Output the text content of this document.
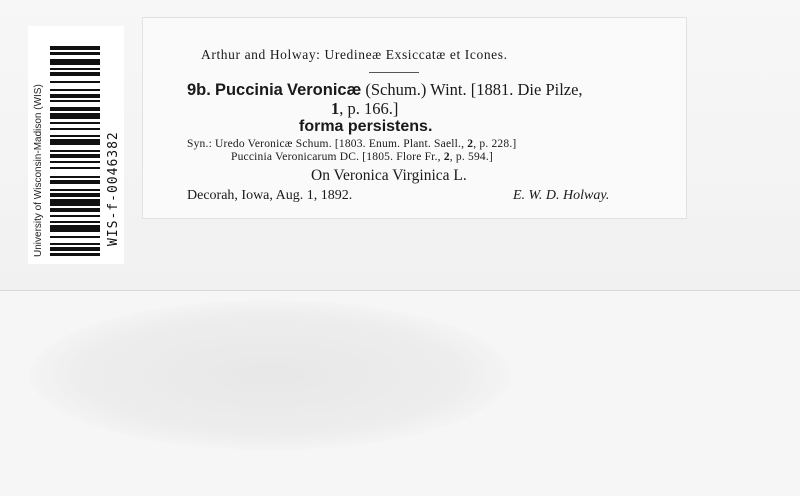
University of Wisconsin-Madison (WIS)	WIS-f-0046382
Arthur and Holway: Uredineæ Exsiccatæ et Icones.
9b. Puccinia Veronicæ (Schum.) Wint. [1881. Die Pilze,
1, p. 166.]
forma persistens.
Syn.: Uredo Veronicæ Schum. [1803. Enum. Plant. Saell., 2, p. 228.]
Puccinia Veronicarum DC. [1805. Flore Fr., 2, p. 594.]
On Veronica Virginica L.
Decorah, Iowa, Aug. 1, 1892.	E. W. D. Holway.
